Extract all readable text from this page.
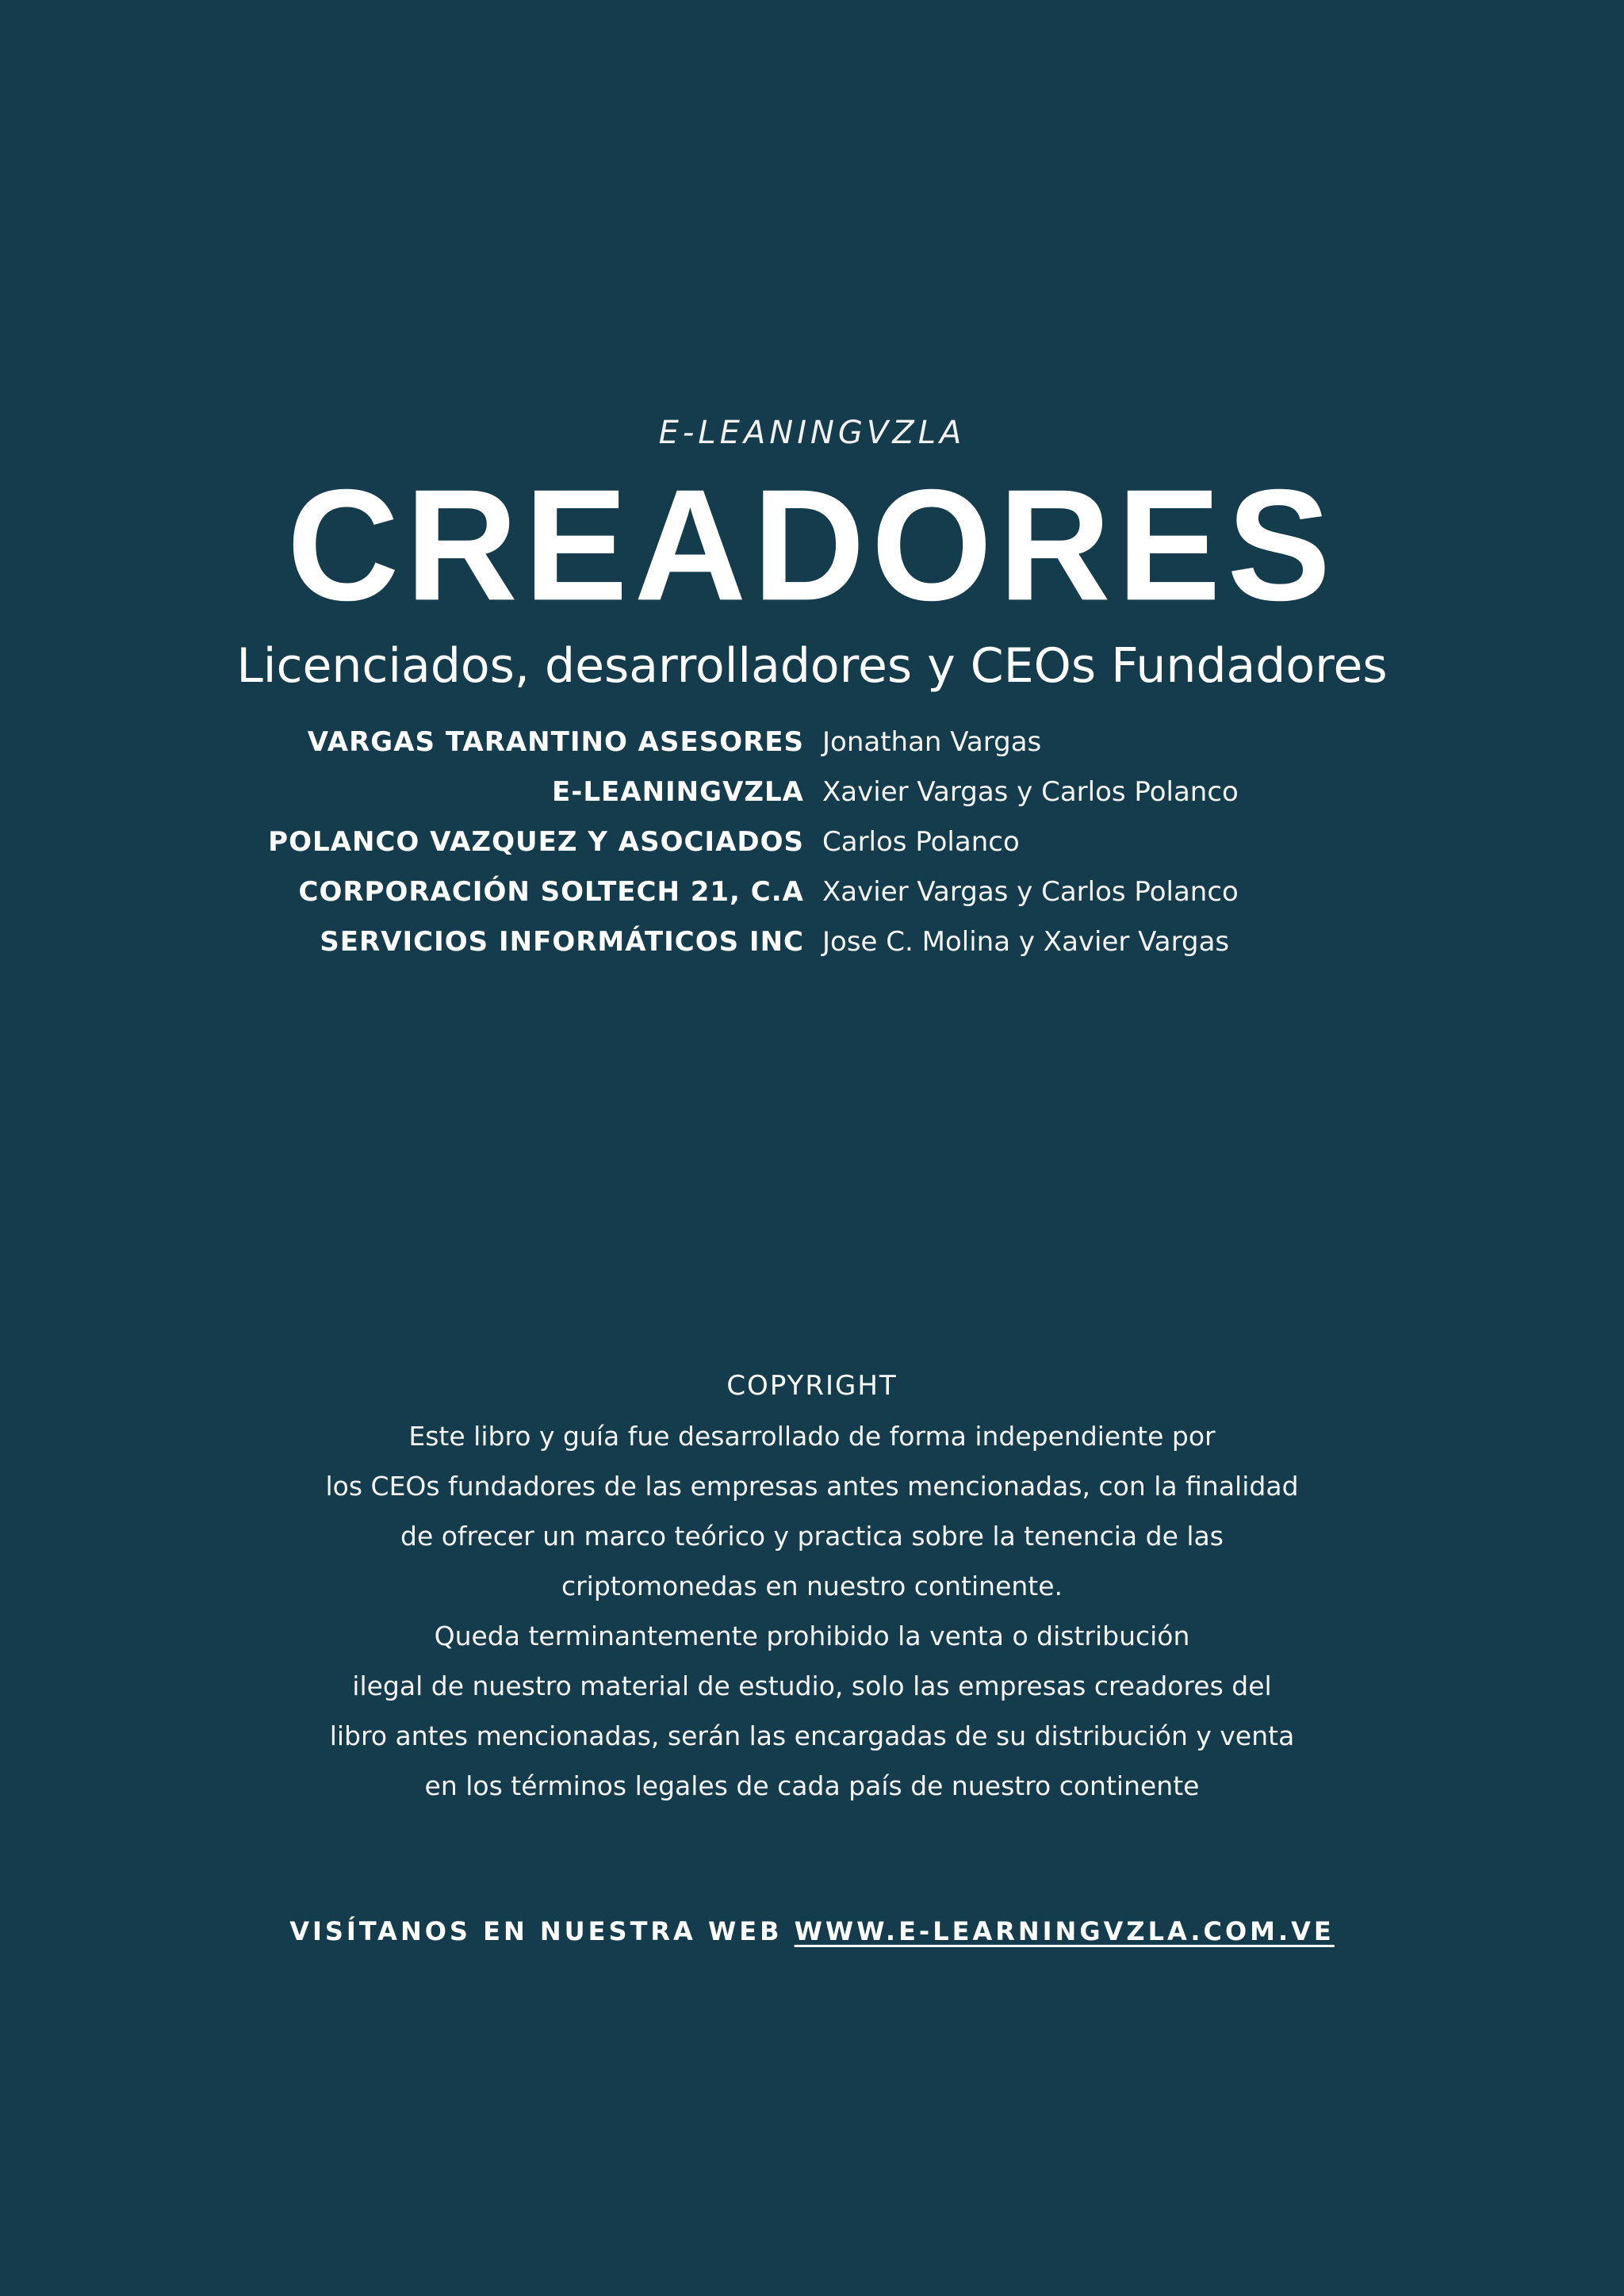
E-LEANINGVZLA
CREADORES
Licenciados, desarrolladores y CEOs Fundadores
VARGAS TARANTINO ASESORES Jonathan Vargas
E-LEANINGVZLA Xavier Vargas y Carlos Polanco
POLANCO VAZQUEZ Y ASOCIADOS Carlos Polanco
CORPORACIÓN SOLTECH 21, C.A Xavier Vargas y Carlos Polanco
SERVICIOS INFORMÁTICOS INC Jose C. Molina y Xavier Vargas
COPYRIGHT
Este libro y guía fue desarrollado de forma independiente por
los CEOs fundadores de las empresas antes mencionadas, con la finalidad
de ofrecer un marco teórico y practica sobre la tenencia de las
criptomonedas en nuestro continente.
Queda terminantemente prohibido la venta o distribución
ilegal de nuestro material de estudio, solo las empresas creadores del
libro antes mencionadas, serán las encargadas de su distribución y venta
en los términos legales de cada país de nuestro continente
VISÍTANOS EN NUESTRA WEB WWW.E-LEARNINGVZLA.COM.VE
